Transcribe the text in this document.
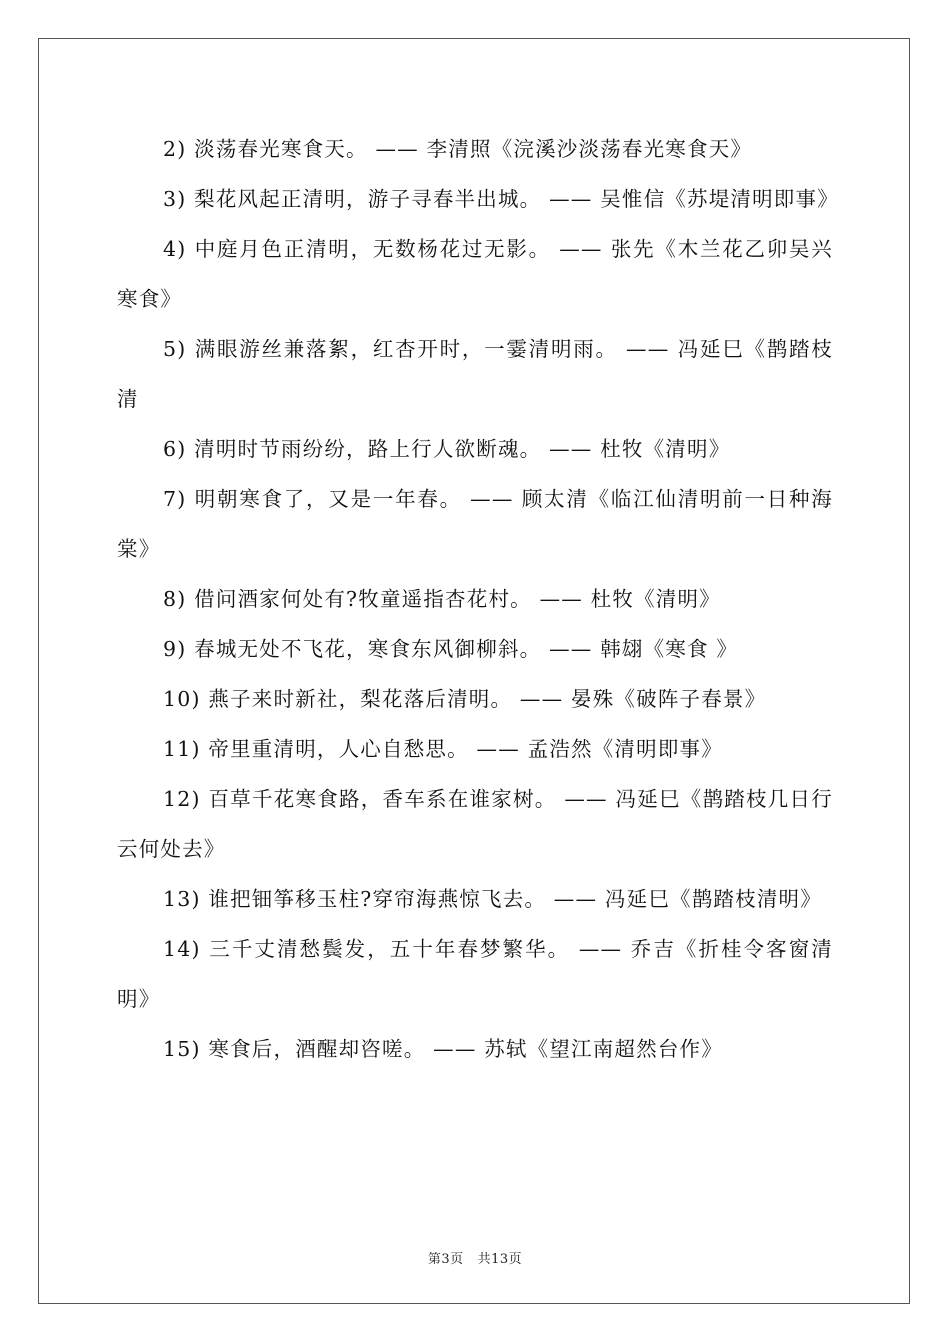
2) 淡荡春光寒食天。 —— 李清照《浣溪沙淡荡春光寒食天》

3) 梨花风起正清明，游子寻春半出城。 —— 吴惟信《苏堤清明即事》

4) 中庭月色正清明，无数杨花过无影。 —— 张先《木兰花乙卯吴兴寒食》

5) 满眼游丝兼落絮，红杏开时，一霎清明雨。 —— 冯延巳《鹊踏枝清

6) 清明时节雨纷纷，路上行人欲断魂。 —— 杜牧《清明》

7) 明朝寒食了，又是一年春。 —— 顾太清《临江仙清明前一日种海棠》

8) 借问酒家何处有?牧童遥指杏花村。 —— 杜牧《清明》

9) 春城无处不飞花，寒食东风御柳斜。 —— 韩翃《寒食 》

10) 燕子来时新社，梨花落后清明。 —— 晏殊《破阵子春景》

11) 帝里重清明，人心自愁思。 —— 孟浩然《清明即事》

12) 百草千花寒食路，香车系在谁家树。 —— 冯延巳《鹊踏枝几日行云何处去》

13) 谁把钿筝移玉柱?穿帘海燕惊飞去。 —— 冯延巳《鹊踏枝清明》

14) 三千丈清愁鬓发，五十年春梦繁华。 —— 乔吉《折桂令客窗清明》

15) 寒食后，酒醒却咨嗟。 —— 苏轼《望江南超然台作》

第3页 共13页
